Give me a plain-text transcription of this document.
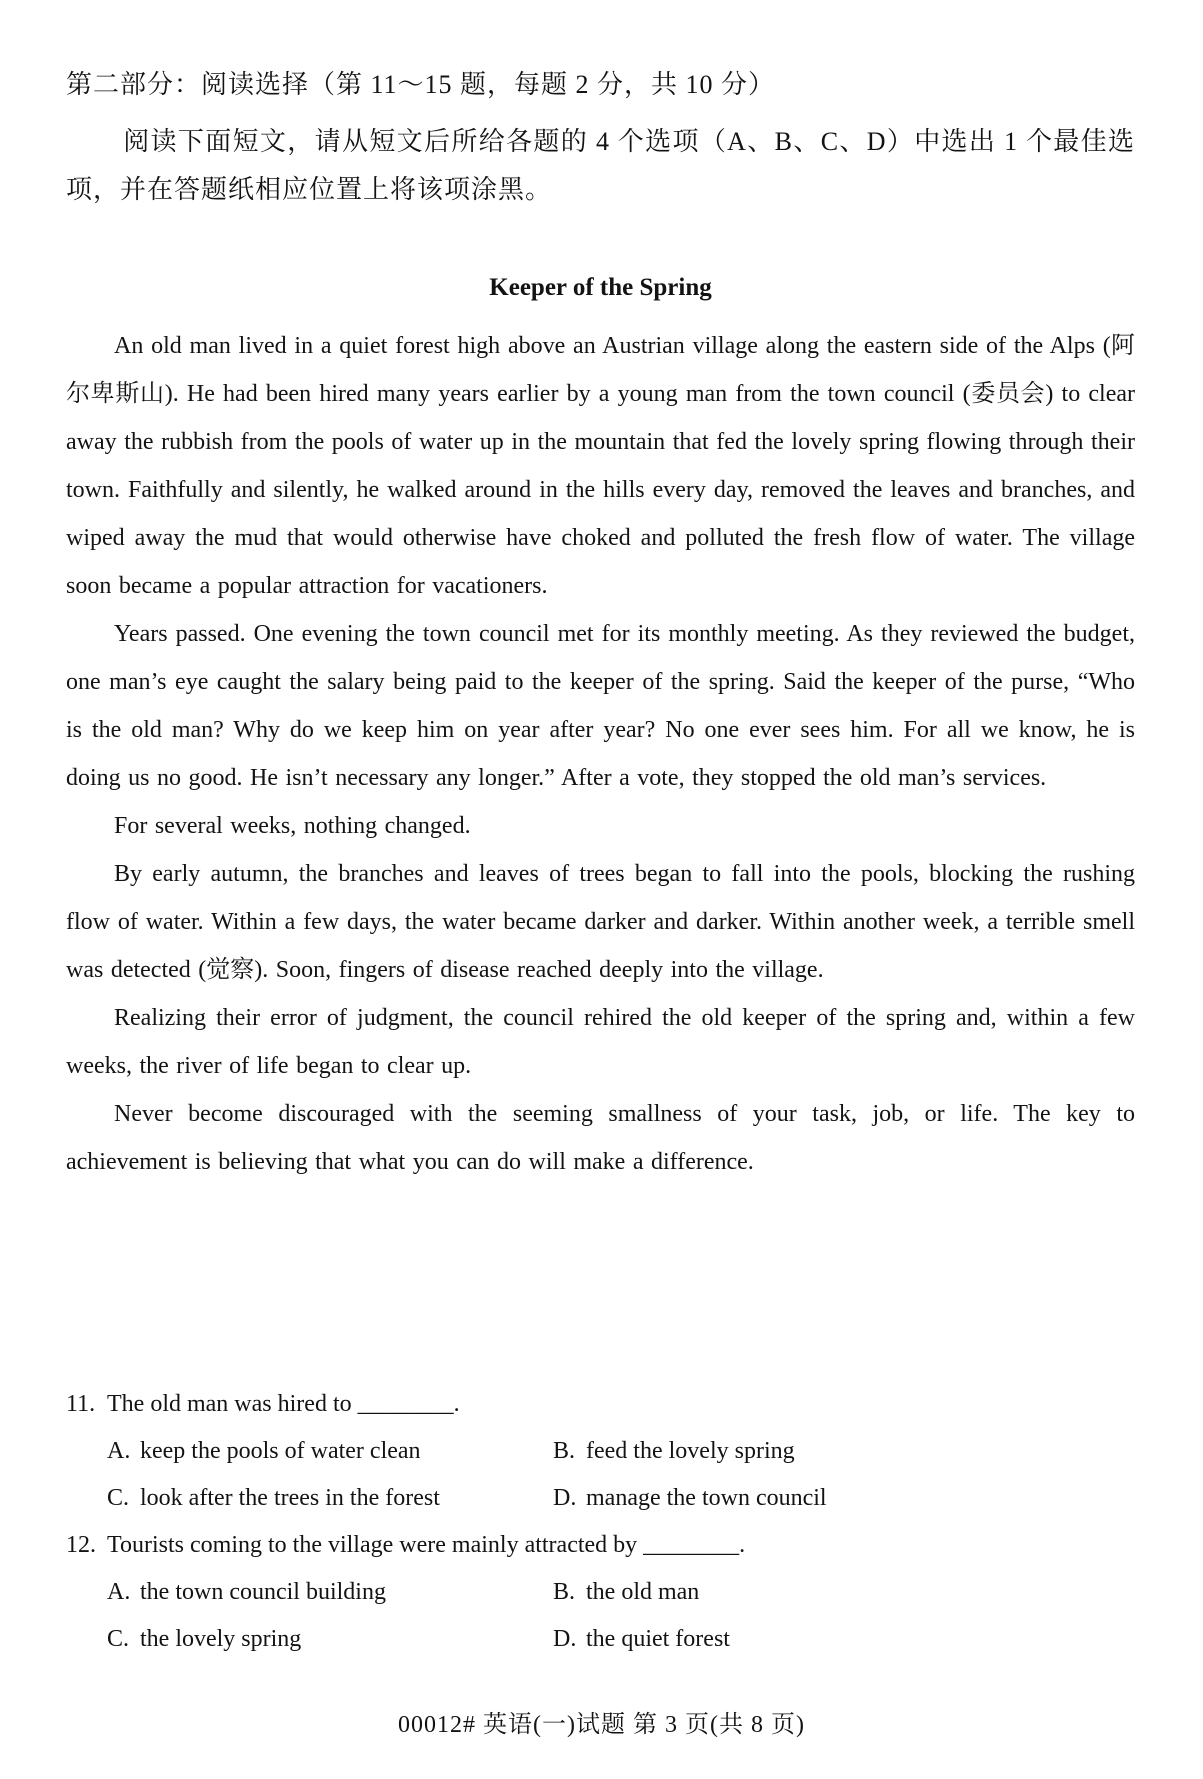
第二部分：阅读选择（第 11～15 题，每题 2 分，共 10 分）

阅读下面短文，请从短文后所给各题的 4 个选项（A、B、C、D）中选出 1 个最佳选项，并在答题纸相应位置上将该项涂黑。

Keeper of the Spring

An old man lived in a quiet forest high above an Austrian village along the eastern side of the Alps (阿尔卑斯山). He had been hired many years earlier by a young man from the town council (委员会) to clear away the rubbish from the pools of water up in the mountain that fed the lovely spring flowing through their town. Faithfully and silently, he walked around in the hills every day, removed the leaves and branches, and wiped away the mud that would otherwise have choked and polluted the fresh flow of water. The village soon became a popular attraction for vacationers.

Years passed. One evening the town council met for its monthly meeting. As they reviewed the budget, one man’s eye caught the salary being paid to the keeper of the spring. Said the keeper of the purse, “Who is the old man? Why do we keep him on year after year? No one ever sees him. For all we know, he is doing us no good. He isn’t necessary any longer.” After a vote, they stopped the old man’s services.

For several weeks, nothing changed.

By early autumn, the branches and leaves of trees began to fall into the pools, blocking the rushing flow of water. Within a few days, the water became darker and darker. Within another week, a terrible smell was detected (觉察). Soon, fingers of disease reached deeply into the village.

Realizing their error of judgment, the council rehired the old keeper of the spring and, within a few weeks, the river of life began to clear up.

Never become discouraged with the seeming smallness of your task, job, or life. The key to achievement is believing that what you can do will make a difference.

11. The old man was hired to ________.
A. keep the pools of water clean	B. feed the lovely spring
C. look after the trees in the forest	D. manage the town council
12. Tourists coming to the village were mainly attracted by ________.
A. the town council building	B. the old man
C. the lovely spring	D. the quiet forest
00012# 英语(一)试题 第 3 页(共 8 页)
